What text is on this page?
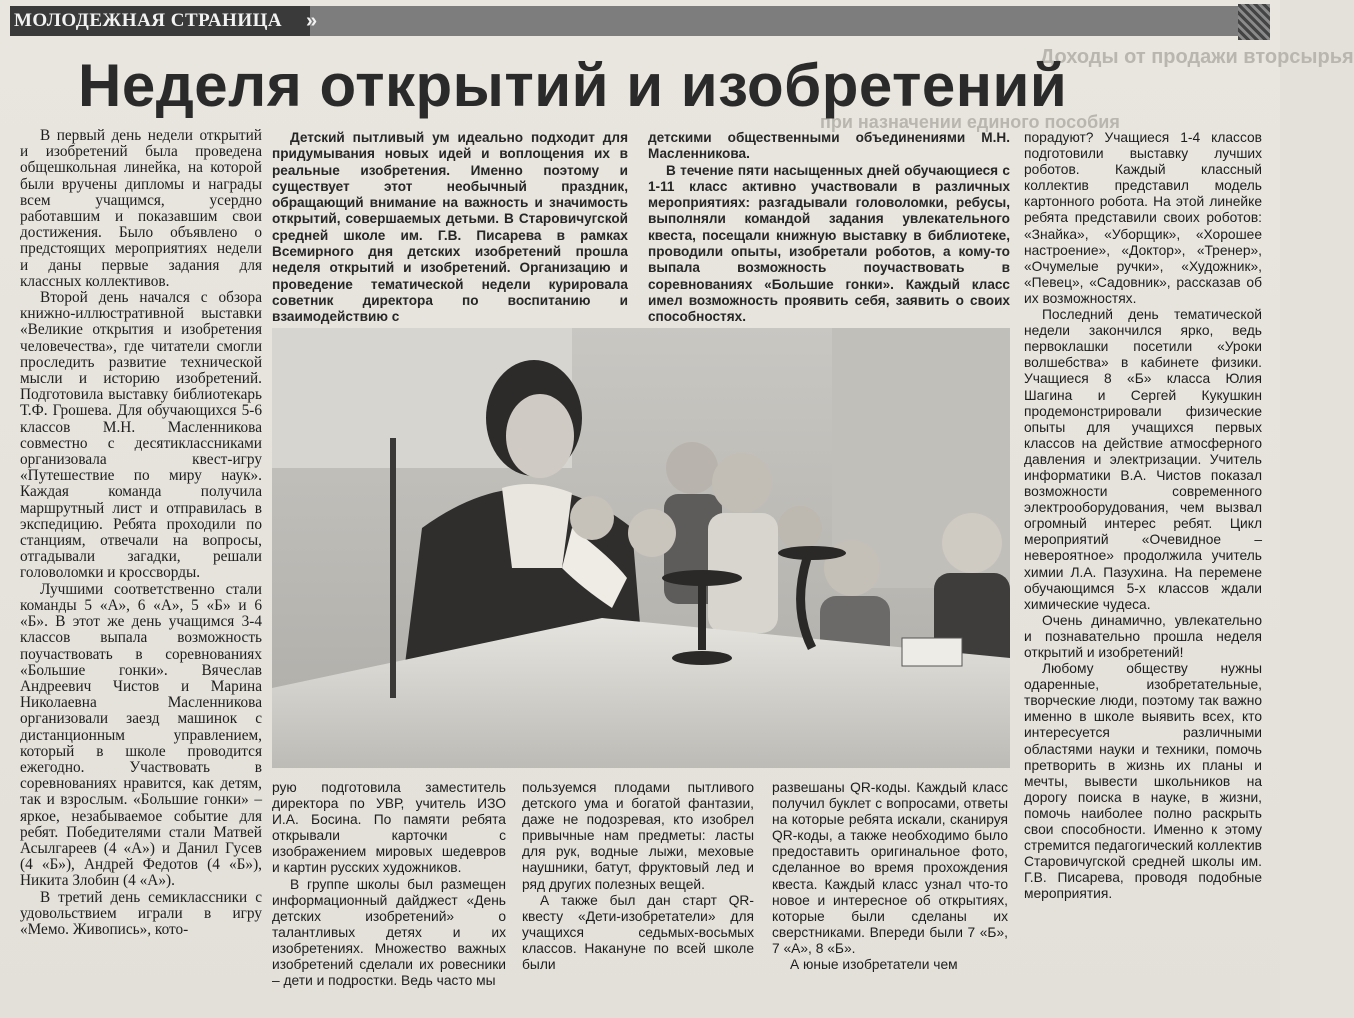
МОЛОДЕЖНАЯ СТРАНИЦА »
Доходы от продажи вторсырья
при назначении единого пособия
Неделя открытий и изобретений

В первый день недели открытий и изобретений была проведена общешкольная линейка, на которой были вручены дипломы и награды всем учащимся, усердно работавшим и показавшим свои достижения. Было объявлено о предстоящих мероприятиях недели и даны первые задания для классных коллективов.

Второй день начался с обзора книжно-иллюстративной выставки «Великие открытия и изобретения человечества», где читатели смогли проследить развитие технической мысли и историю изобретений. Подготовила выставку библиотекарь Т.Ф. Грошева. Для обучающихся 5-6 классов М.Н. Масленникова совместно с десятиклассниками организовала квест-игру «Путешествие по миру наук». Каждая команда получила маршрутный лист и отправилась в экспедицию. Ребята проходили по станциям, отвечали на вопросы, отгадывали загадки, решали головоломки и кроссворды.

Лучшими соответственно стали команды 5 «А», 6 «А», 5 «Б» и 6 «Б». В этот же день учащимся 3-4 классов выпала возможность поучаствовать в соревнованиях «Большие гонки». Вячеслав Андреевич Чистов и Марина Николаевна Масленникова организовали заезд машинок с дистанционным управлением, который в школе проводится ежегодно. Участвовать в соревнованиях нравится, как детям, так и взрослым. «Большие гонки» – яркое, незабываемое событие для ребят. Победителями стали Матвей Асылгареев (4 «А») и Данил Гусев (4 «Б»), Андрей Федотов (4 «Б»), Никита Злобин (4 «А»).

В третий день семиклассники с удовольствием играли в игру «Мемо. Живопись», кото-

Детский пытливый ум идеально подходит для придумывания новых идей и воплощения их в реальные изобретения. Именно поэтому и существует этот необычный праздник, обращающий внимание на важность и значимость открытий, совершаемых детьми. В Старовичугской средней школе им. Г.В. Писарева в рамках Всемирного дня детских изобретений прошла неделя открытий и изобретений. Организацию и проведение тематической недели курировала советник директора по воспитанию и взаимодействию с

детскими общественными объединениями М.Н. Масленникова.

В течение пяти насыщенных дней обучающиеся с 1-11 класс активно участвовали в различных мероприятиях: разгадывали головоломки, ребусы, выполняли командой задания увлекательного квеста, посещали книжную выставку в библиотеке, проводили опыты, изобретали роботов, а кому-то выпала возможность поучаствовать в соревнованиях «Большие гонки». Каждый класс имел возможность проявить себя, заявить о своих способностях.

рую подготовила заместитель директора по УВР, учитель ИЗО И.А. Босина. По памяти ребята открывали карточки с изображением мировых шедевров и картин русских художников.

В группе школы был размещен информационный дайджест «День детских изобретений» о талантливых детях и их изобретениях. Множество важных изобретений сделали их ровесники – дети и подростки. Ведь часто мы

пользуемся плодами пытливого детского ума и богатой фантазии, даже не подозревая, кто изобрел привычные нам предметы: ласты для рук, водные лыжи, меховые наушники, батут, фруктовый лед и ряд других полезных вещей.

А также был дан старт QR-квесту «Дети-изобретатели» для учащихся седьмых-восьмых классов. Накануне по всей школе были

развешаны QR-коды. Каждый класс получил буклет с вопросами, ответы на которые ребята искали, сканируя QR-коды, а также необходимо было предоставить оригинальное фото, сделанное во время прохождения квеста. Каждый класс узнал что-то новое и интересное об открытиях, которые были сделаны их сверстниками. Впереди были 7 «Б», 7 «А», 8 «Б».

А юные изобретатели чем

порадуют? Учащиеся 1-4 классов подготовили выставку лучших роботов. Каждый классный коллектив представил модель картонного робота. На этой линейке ребята представили своих роботов: «Знайка», «Уборщик», «Хорошее настроение», «Доктор», «Тренер», «Очумелые ручки», «Художник», «Певец», «Садовник», рассказав об их возможностях.

Последний день тематической недели закончился ярко, ведь первоклашки посетили «Уроки волшебства» в кабинете физики. Учащиеся 8 «Б» класса Юлия Шагина и Сергей Кукушкин продемонстрировали физические опыты для учащихся первых классов на действие атмосферного давления и электризации. Учитель информатики В.А. Чистов показал возможности современного электрооборудования, чем вызвал огромный интерес ребят. Цикл мероприятий «Очевидное – невероятное» продолжила учитель химии Л.А. Пазухина. На перемене обучающимся 5-х классов ждали химические чудеса.

Очень динамично, увлекательно и познавательно прошла неделя открытий и изобретений!

Любому обществу нужны одаренные, изобретательные, творческие люди, поэтому так важно именно в школе выявить всех, кто интересуется различными областями науки и техники, помочь претворить в жизнь их планы и мечты, вывести школьников на дорогу поиска в науке, в жизни, помочь наиболее полно раскрыть свои способности. Именно к этому стремится педагогический коллектив Старовичугской средней школы им. Г.В. Писарева, проводя подобные мероприятия.
